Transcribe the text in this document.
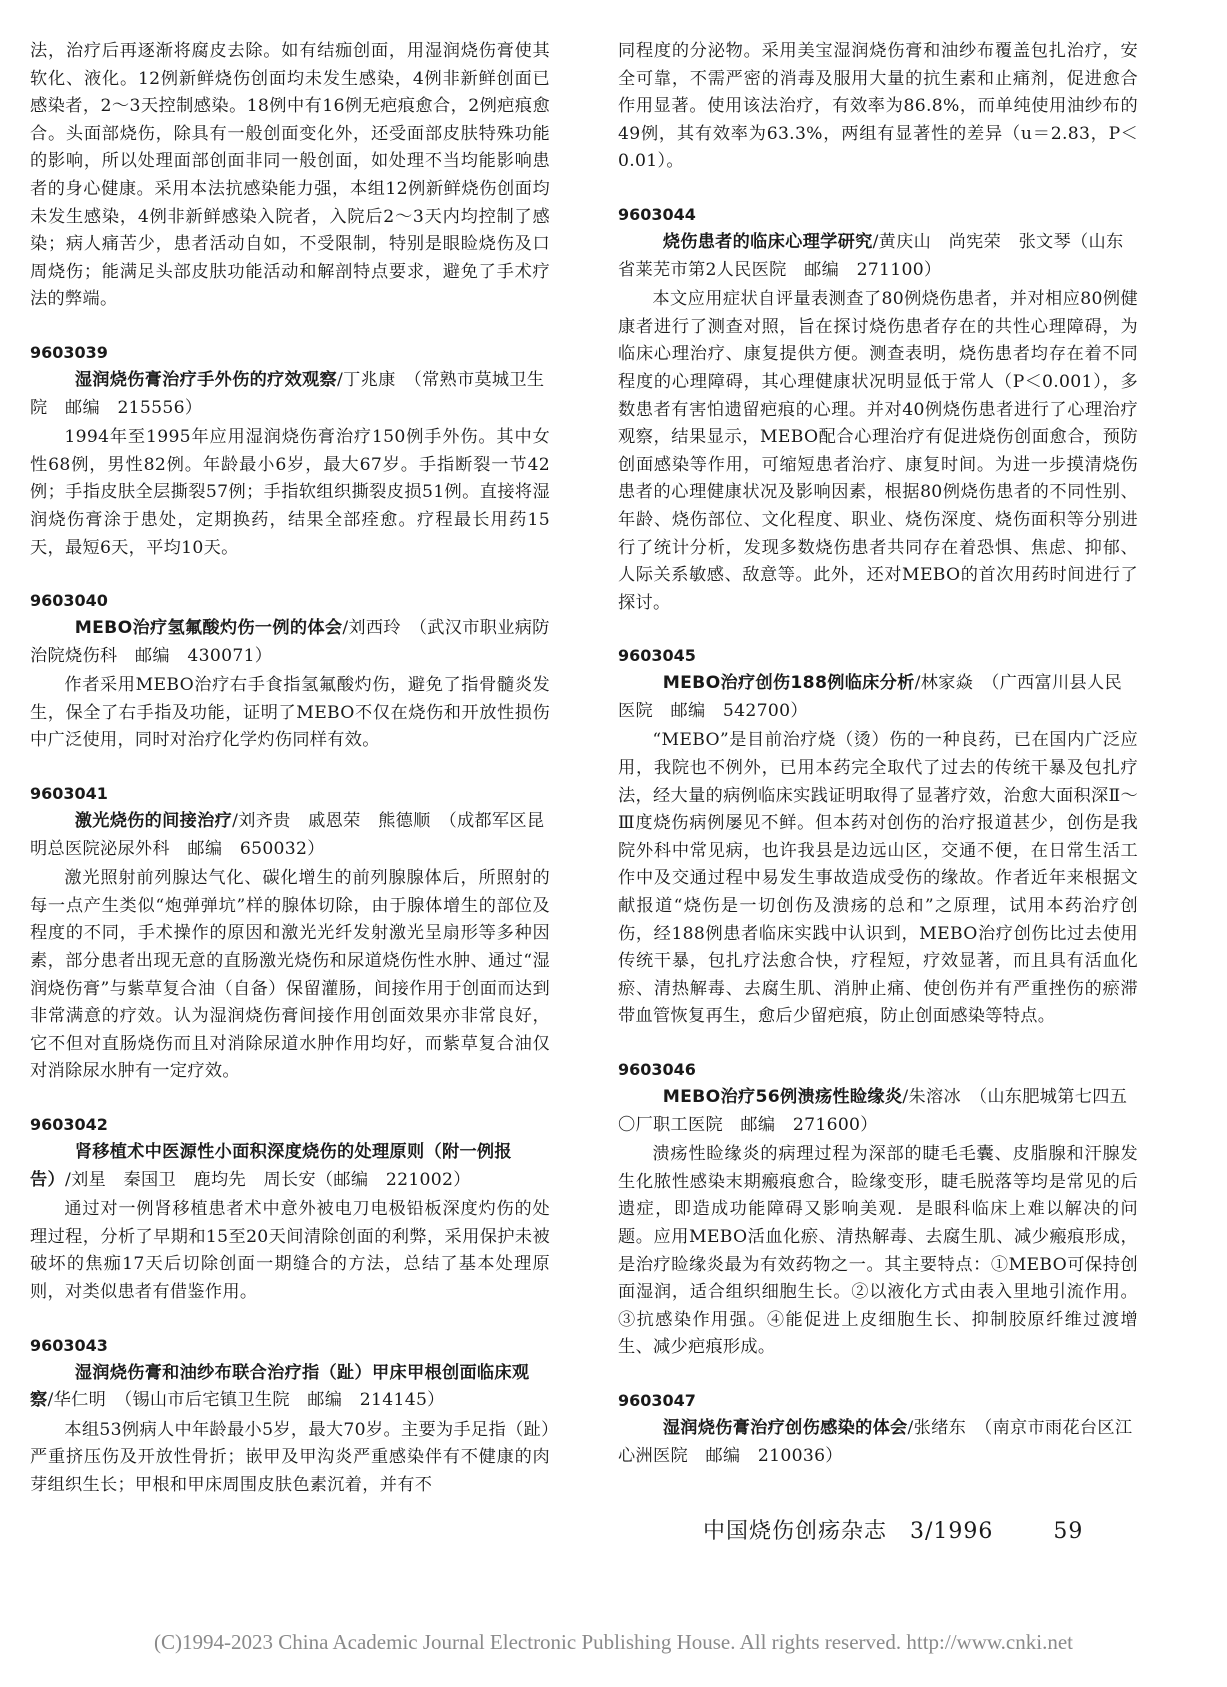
法，治疗后再逐渐将腐皮去除。如有结痂创面，用湿润烧伤膏使其软化、液化。12例新鲜烧伤创面均未发生感染，4例非新鲜创面已感染者，2～3天控制感染。18例中有16例无疤痕愈合，2例疤痕愈合。头面部烧伤，除具有一般创面变化外，还受面部皮肤特殊功能的影响，所以处理面部创面非同一般创面，如处理不当均能影响患者的身心健康。采用本法抗感染能力强，本组12例新鲜烧伤创面均未发生感染，4例非新鲜感染入院者，入院后2～3天内均控制了感染；病人痛苦少，患者活动自如，不受限制，特别是眼睑烧伤及口周烧伤；能满足头部皮肤功能活动和解剖特点要求，避免了手术疗法的弊端。

9603039

湿润烧伤膏治疗手外伤的疗效观察/丁兆康　（常熟市莫城卫生院　邮编　215556）

1994年至1995年应用湿润烧伤膏治疗150例手外伤。其中女性68例，男性82例。年龄最小6岁，最大67岁。手指断裂一节42例；手指皮肤全层撕裂57例；手指软组织撕裂皮损51例。直接将湿润烧伤膏涂于患处，定期换药，结果全部痊愈。疗程最长用药15天，最短6天，平均10天。

9603040

MEBO治疗氢氟酸灼伤一例的体会/刘西玲　（武汉市职业病防治院烧伤科　邮编　430071）

作者采用MEBO治疗右手食指氢氟酸灼伤，避免了指骨髓炎发生，保全了右手指及功能，证明了MEBO不仅在烧伤和开放性损伤中广泛使用，同时对治疗化学灼伤同样有效。

9603041

激光烧伤的间接治疗/刘齐贵　戚恩荣　熊德顺　（成都军区昆明总医院泌尿外科　邮编　650032）

激光照射前列腺达气化、碳化增生的前列腺腺体后，所照射的每一点产生类似“炮弹弹坑”样的腺体切除，由于腺体增生的部位及程度的不同，手术操作的原因和激光光纤发射激光呈扇形等多种因素，部分患者出现无意的直肠激光烧伤和尿道烧伤性水肿、通过“湿润烧伤膏”与紫草复合油（自备）保留灌肠，间接作用于创面而达到非常满意的疗效。认为湿润烧伤膏间接作用创面效果亦非常良好，它不但对直肠烧伤而且对消除尿道水肿作用均好，而紫草复合油仅对消除尿水肿有一定疗效。

9603042

肾移植术中医源性小面积深度烧伤的处理原则（附一例报告）/刘星　秦国卫　鹿均先　周长安（邮编　221002）

通过对一例肾移植患者术中意外被电刀电极铅板深度灼伤的处理过程，分析了早期和15至20天间清除创面的利弊，采用保护未被破坏的焦痂17天后切除创面一期缝合的方法，总结了基本处理原则，对类似患者有借鉴作用。

9603043

湿润烧伤膏和油纱布联合治疗指（趾）甲床甲根创面临床观察/华仁明　（锡山市后宅镇卫生院　邮编　214145）

本组53例病人中年龄最小5岁，最大70岁。主要为手足指（趾）严重挤压伤及开放性骨折；嵌甲及甲沟炎严重感染伴有不健康的肉芽组织生长；甲根和甲床周围皮肤色素沉着，并有不

同程度的分泌物。采用美宝湿润烧伤膏和油纱布覆盖包扎治疗，安全可靠，不需严密的消毒及服用大量的抗生素和止痛剂，促进愈合作用显著。使用该法治疗，有效率为86.8%，而单纯使用油纱布的49例，其有效率为63.3%，两组有显著性的差异（u＝2.83，P＜0.01）。

9603044

烧伤患者的临床心理学研究/黄庆山　尚宪荣　张文琴（山东省莱芜市第2人民医院　邮编　271100）

本文应用症状自评量表测查了80例烧伤患者，并对相应80例健康者进行了测查对照，旨在探讨烧伤患者存在的共性心理障碍，为临床心理治疗、康复提供方便。测查表明，烧伤患者均存在着不同程度的心理障碍，其心理健康状况明显低于常人（P＜0.001），多数患者有害怕遗留疤痕的心理。并对40例烧伤患者进行了心理治疗观察，结果显示，MEBO配合心理治疗有促进烧伤创面愈合，预防创面感染等作用，可缩短患者治疗、康复时间。为进一步摸清烧伤患者的心理健康状况及影响因素，根据80例烧伤患者的不同性别、年龄、烧伤部位、文化程度、职业、烧伤深度、烧伤面积等分别进行了统计分析，发现多数烧伤患者共同存在着恐惧、焦虑、抑郁、人际关系敏感、敌意等。此外，还对MEBO的首次用药时间进行了探讨。

9603045

MEBO治疗创伤188例临床分析/林家焱　（广西富川县人民医院　邮编　542700）

“MEBO”是目前治疗烧（烫）伤的一种良药，已在国内广泛应用，我院也不例外，已用本药完全取代了过去的传统干暴及包扎疗法，经大量的病例临床实践证明取得了显著疗效，治愈大面积深Ⅱ～Ⅲ度烧伤病例屡见不鲜。但本药对创伤的治疗报道甚少，创伤是我院外科中常见病，也许我县是边远山区，交通不便，在日常生活工作中及交通过程中易发生事故造成受伤的缘故。作者近年来根据文献报道“烧伤是一切创伤及溃疡的总和”之原理，试用本药治疗创伤，经188例患者临床实践中认识到，MEBO治疗创伤比过去使用传统干暴，包扎疗法愈合快，疗程短，疗效显著，而且具有活血化瘀、清热解毒、去腐生肌、消肿止痛、使创伤并有严重挫伤的瘀滞带血管恢复再生，愈后少留疤痕，防止创面感染等特点。

9603046

MEBO治疗56例溃疡性睑缘炎/朱溶冰　（山东肥城第七四五〇厂职工医院　邮编　271600）

溃疡性睑缘炎的病理过程为深部的睫毛毛囊、皮脂腺和汗腺发生化脓性感染末期瘢痕愈合，睑缘变形，睫毛脱落等均是常见的后遗症，即造成功能障碍又影响美观．是眼科临床上难以解决的问题。应用MEBO活血化瘀、清热解毒、去腐生肌、减少瘢痕形成，是治疗睑缘炎最为有效药物之一。其主要特点：①MEBO可保持创面湿润，适合组织细胞生长。②以液化方式由表入里地引流作用。③抗感染作用强。④能促进上皮细胞生长、抑制胶原纤维过渡增生、减少疤痕形成。

9603047

湿润烧伤膏治疗创伤感染的体会/张绪东　（南京市雨花台区江心洲医院　邮编　210036）

中国烧伤创疡杂志　3/1996	59
(C)1994-2023 China Academic Journal Electronic Publishing House. All rights reserved. http://www.cnki.net
